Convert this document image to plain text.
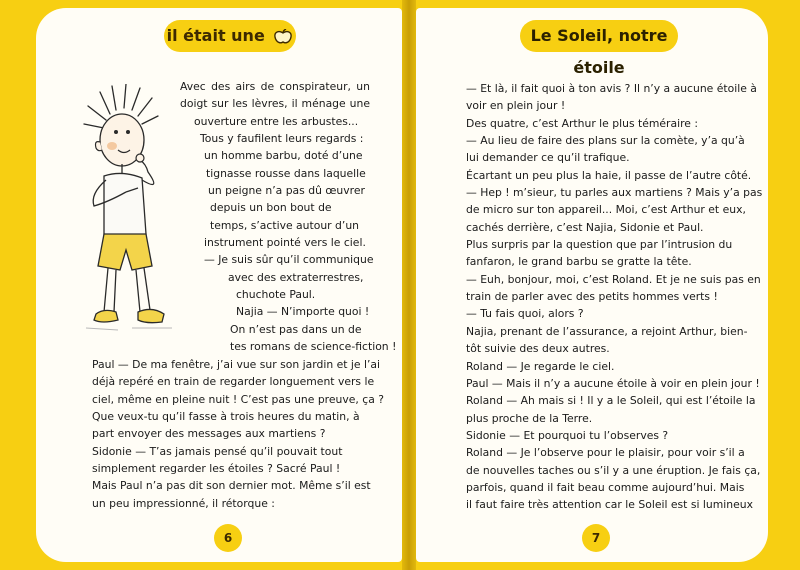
il était une	Le Soleil, notre étoile

Avec des airs de conspirateur, un

doigt sur les lèvres, il ménage une

ouverture entre les arbustes...

Tous y faufilent leurs regards :

un homme barbu, doté d’une

tignasse rousse dans laquelle

un peigne n’a pas dû œuvrer

depuis un bon bout de

temps, s’active autour d’un

instrument pointé vers le ciel.

— Je suis sûr qu’il communique

avec des extraterrestres,

chuchote Paul.

Najia — N’importe quoi !

On n’est pas dans un de

tes romans de science-fiction !

Paul — De ma fenêtre, j’ai vue sur son jardin et je l’ai

déjà repéré en train de regarder longuement vers le

ciel, même en pleine nuit ! C’est pas une preuve, ça ?

Que veux-tu qu’il fasse à trois heures du matin, à

part envoyer des messages aux martiens ?

Sidonie — T’as jamais pensé qu’il pouvait tout

simplement regarder les étoiles ? Sacré Paul !

Mais Paul n’a pas dit son dernier mot. Même s’il est

un peu impressionné, il rétorque :

— Et là, il fait quoi à ton avis ? Il n’y a aucune étoile à

voir en plein jour !

Des quatre, c’est Arthur le plus téméraire :

— Au lieu de faire des plans sur la comète, y’a qu’à

lui demander ce qu’il trafique.

Écartant un peu plus la haie, il passe de l’autre côté.

— Hep ! m’sieur, tu parles aux martiens ? Mais y’a pas

de micro sur ton appareil... Moi, c’est Arthur et eux,

cachés derrière, c’est Najia, Sidonie et Paul.

Plus surpris par la question que par l’intrusion du

fanfaron, le grand barbu se gratte la tête.

— Euh, bonjour, moi, c’est Roland. Et je ne suis pas en

train de parler avec des petits hommes verts !

— Tu fais quoi, alors ?

Najia, prenant de l’assurance, a rejoint Arthur, bien-

tôt suivie des deux autres.

Roland — Je regarde le ciel.

Paul — Mais il n’y a aucune étoile à voir en plein jour !

Roland — Ah mais si ! Il y a le Soleil, qui est l’étoile la

plus proche de la Terre.

Sidonie — Et pourquoi tu l’observes ?

Roland — Je l’observe pour le plaisir, pour voir s’il a

de nouvelles taches ou s’il y a une éruption. Je fais ça,

parfois, quand il fait beau comme aujourd’hui. Mais

il faut faire très attention car le Soleil est si lumineux

6	7
